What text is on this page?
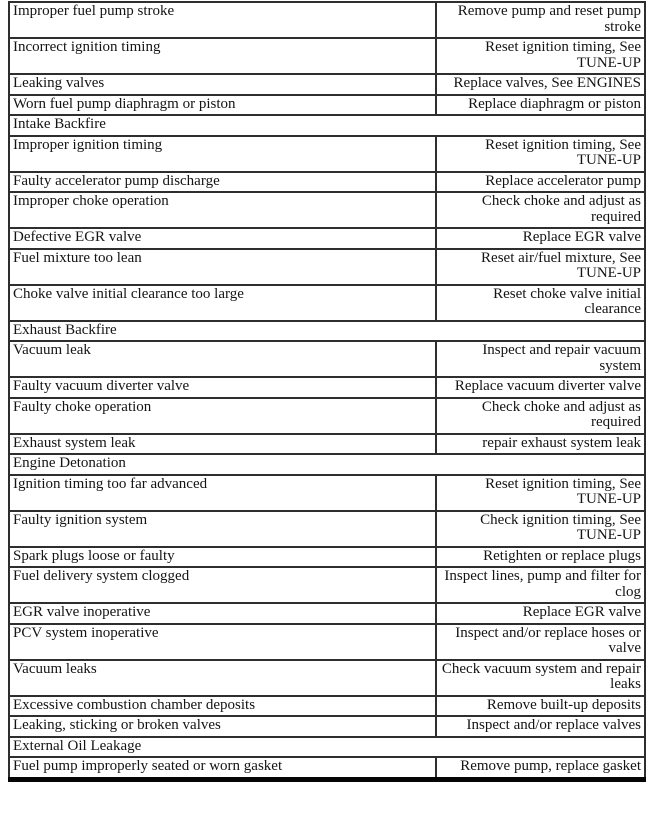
Improper fuel pump stroke	Remove pump and reset pump stroke
Incorrect ignition timing	Reset ignition timing, See TUNE-UP
Leaking valves	Replace valves, See ENGINES
Worn fuel pump diaphragm or piston	Replace diaphragm or piston
Intake Backfire	
Improper ignition timing	Reset ignition timing, See TUNE-UP
Faulty accelerator pump discharge	Replace accelerator pump
Improper choke operation	Check choke and adjust as required
Defective EGR valve	Replace EGR valve
Fuel mixture too lean	Reset air/fuel mixture, See TUNE-UP
Choke valve initial clearance too large	Reset choke valve initial clearance
Exhaust Backfire	
Vacuum leak	Inspect and repair vacuum system
Faulty vacuum diverter valve	Replace vacuum diverter valve
Faulty choke operation	Check choke and adjust as required
Exhaust system leak	repair exhaust system leak
Engine Detonation	
Ignition timing too far advanced	Reset ignition timing, See TUNE-UP
Faulty ignition system	Check ignition timing, See TUNE-UP
Spark plugs loose or faulty	Retighten or replace plugs
Fuel delivery system clogged	Inspect lines, pump and filter for clog
EGR valve inoperative	Replace EGR valve
PCV system inoperative	Inspect and/or replace hoses or valve
Vacuum leaks	Check vacuum system and repair leaks
Excessive combustion chamber deposits	Remove built-up deposits
Leaking, sticking or broken valves	Inspect and/or replace valves
External Oil Leakage	
Fuel pump improperly seated or worn gasket	Remove pump, replace gasket
